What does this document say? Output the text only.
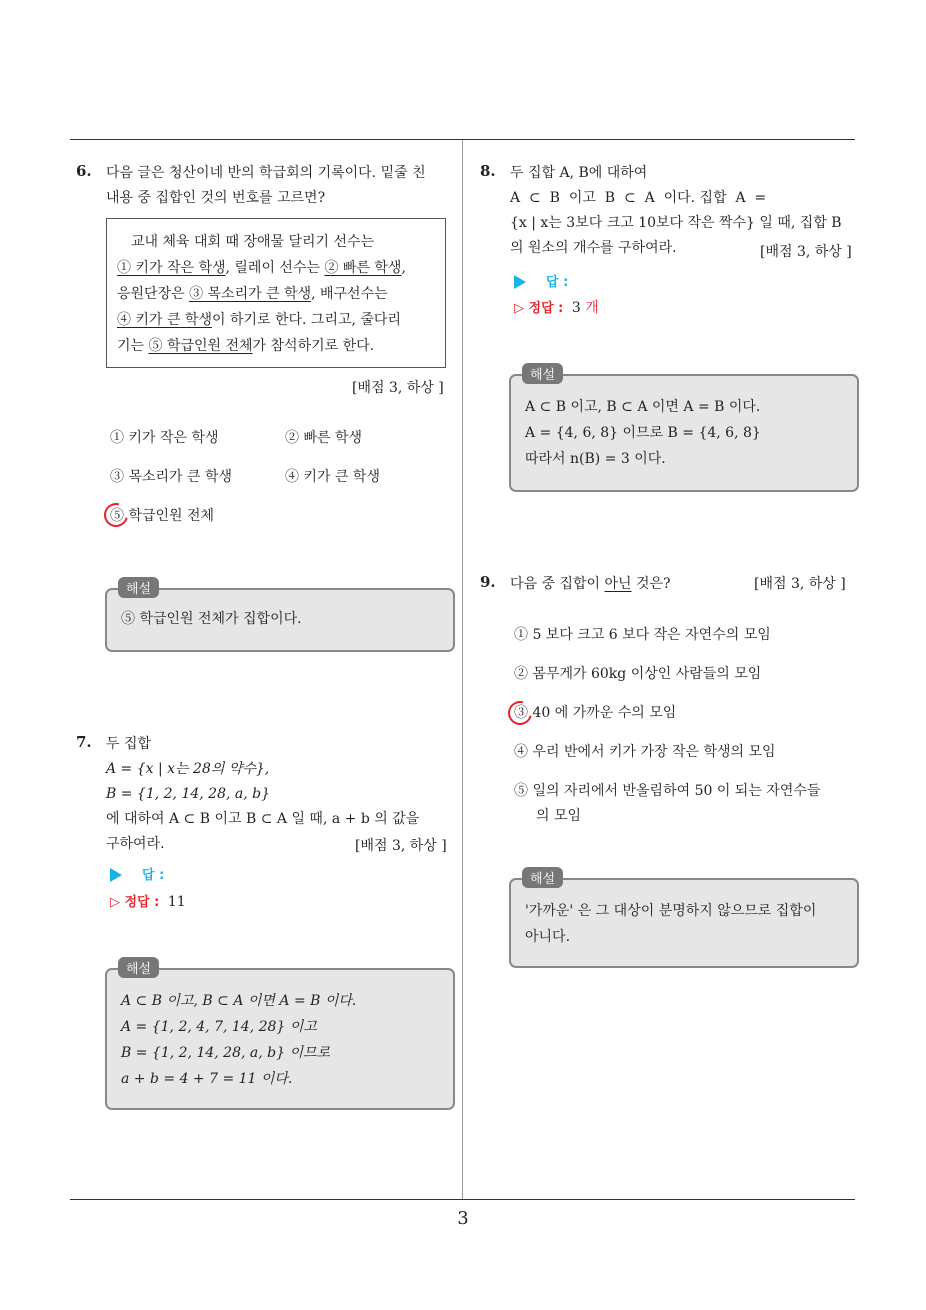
6. 다음 글은 청산이네 반의 학급회의 기록이다. 밑줄 친
내용 중 집합인 것의 번호를 고르면?
교내 체육 대회 때 장애물 달리기 선수는
① 키가 작은 학생, 릴레이 선수는 ② 빠른 학생,
응원단장은 ③ 목소리가 큰 학생, 배구선수는
④ 키가 큰 학생이 하기로 한다. 그리고, 줄다리
기는 ⑤ 학급인원 전체가 참석하기로 한다.
[배점 3, 하상 ]
① 키가 작은 학생	② 빠른 학생
③ 목소리가 큰 학생	④ 키가 큰 학생
⑤ 학급인원 전체
⑤ 학급인원 전체가 집합이다.
해설
7. 두 집합
A = {x | x는 28의 약수},
B = {1, 2, 14, 28, a, b}
에 대하여 A ⊂ B 이고 B ⊂ A 일 때, a + b 의 값을
구하여라.	[배점 3, 하상 ]
답 :
▷ 정답 : 11
A ⊂ B 이고, B ⊂ A 이면 A = B 이다.
A = {1, 2, 4, 7, 14, 28} 이고
B = {1, 2, 14, 28, a, b} 이므로
a + b = 4 + 7 = 11 이다.
해설
8. 두 집합 A, B에 대하여
A  ⊂  B  이고  B  ⊂  A  이다. 집합  A  =
{x | x는 3보다 크고 10보다 작은 짝수} 일 때, 집합 B
의 원소의 개수를 구하여라.	[배점 3, 하상 ]
답 :
▷ 정답 : 3 개
A ⊂ B 이고, B ⊂ A 이면 A = B 이다.
A = {4, 6, 8} 이므로 B = {4, 6, 8}
따라서 n(B) = 3 이다.
해설
9. 다음 중 집합이 아닌 것은?	[배점 3, 하상 ]
① 5 보다 크고 6 보다 작은 자연수의 모임
② 몸무게가 60kg 이상인 사람들의 모임
③ 40 에 가까운 수의 모임
④ 우리 반에서 키가 가장 작은 학생의 모임
⑤ 일의 자리에서 반올림하여 50 이 되는 자연수들
의 모임
'가까운' 은 그 대상이 분명하지 않으므로 집합이
아니다.
해설
3
